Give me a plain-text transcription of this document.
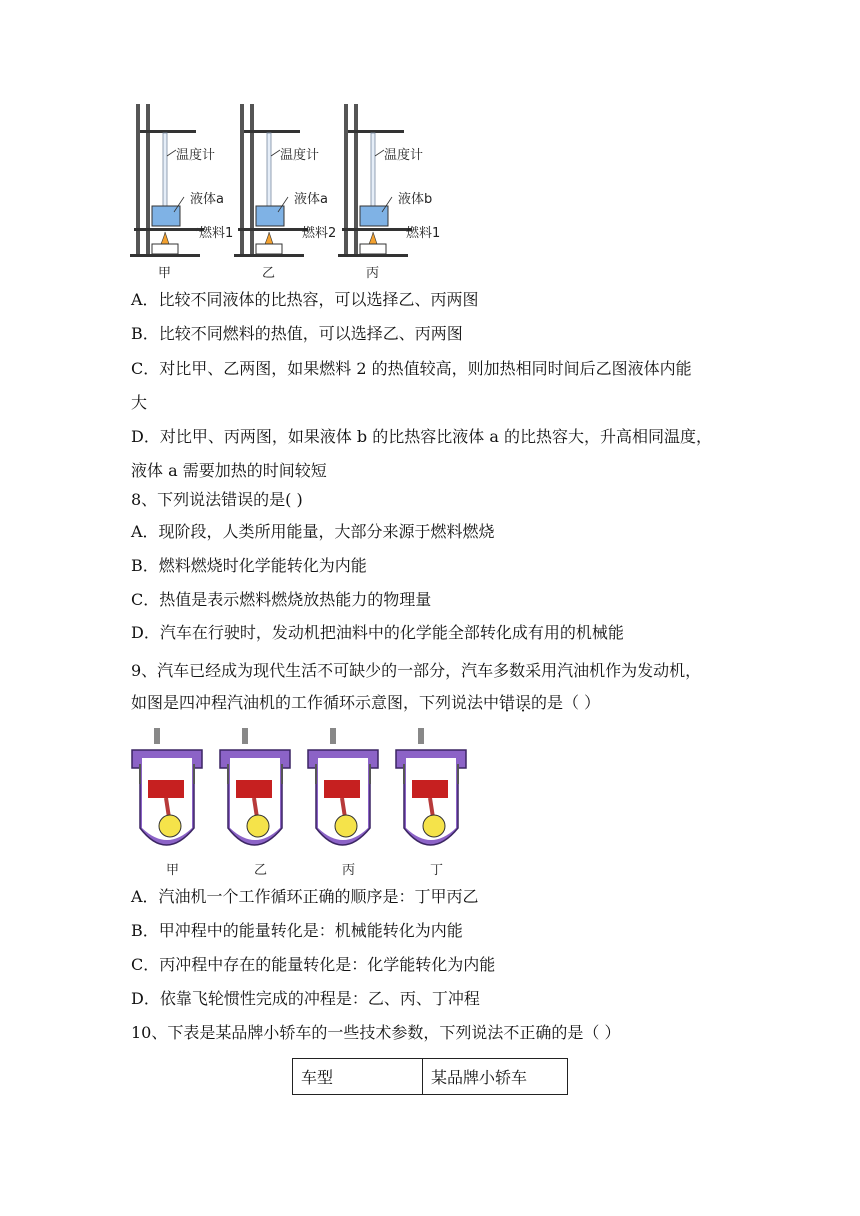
温度计
液体a
燃料1
温度计
液体a
燃料2
温度计
液体b
燃料1
甲	乙	丙
A．比较不同液体的比热容，可以选择乙、丙两图
B．比较不同燃料的热值，可以选择乙、丙两图
C．对比甲、乙两图，如果燃料 2 的热值较高，则加热相同时间后乙图液体内能
大
D．对比甲、丙两图，如果液体 b 的比热容比液体 a 的比热容大，升高相同温度，
液体 a 需要加热的时间较短
8、下列说法错误的是( )
A．现阶段，人类所用能量，大部分来源于燃料燃烧
B．燃料燃烧时化学能转化为内能
C．热值是表示燃料燃烧放热能力的物理量
D．汽车在行驶时，发动机把油料中的化学能全部转化成有用的机械能
9、汽车已经成为现代生活不可缺少的一部分，汽车多数采用汽油机作为发动机，
如图是四冲程汽油机的工作循环示意图，下列说法中错误的是（ ）
甲	乙	丙	丁
A．汽油机一个工作循环正确的顺序是：丁甲丙乙
B．甲冲程中的能量转化是：机械能转化为内能
C．丙冲程中存在的能量转化是：化学能转化为内能
D．依靠飞轮惯性完成的冲程是：乙、丙、丁冲程
10、下表是某品牌小轿车的一些技术参数，下列说法不正确的是（ ）
车型	某品牌小轿车
